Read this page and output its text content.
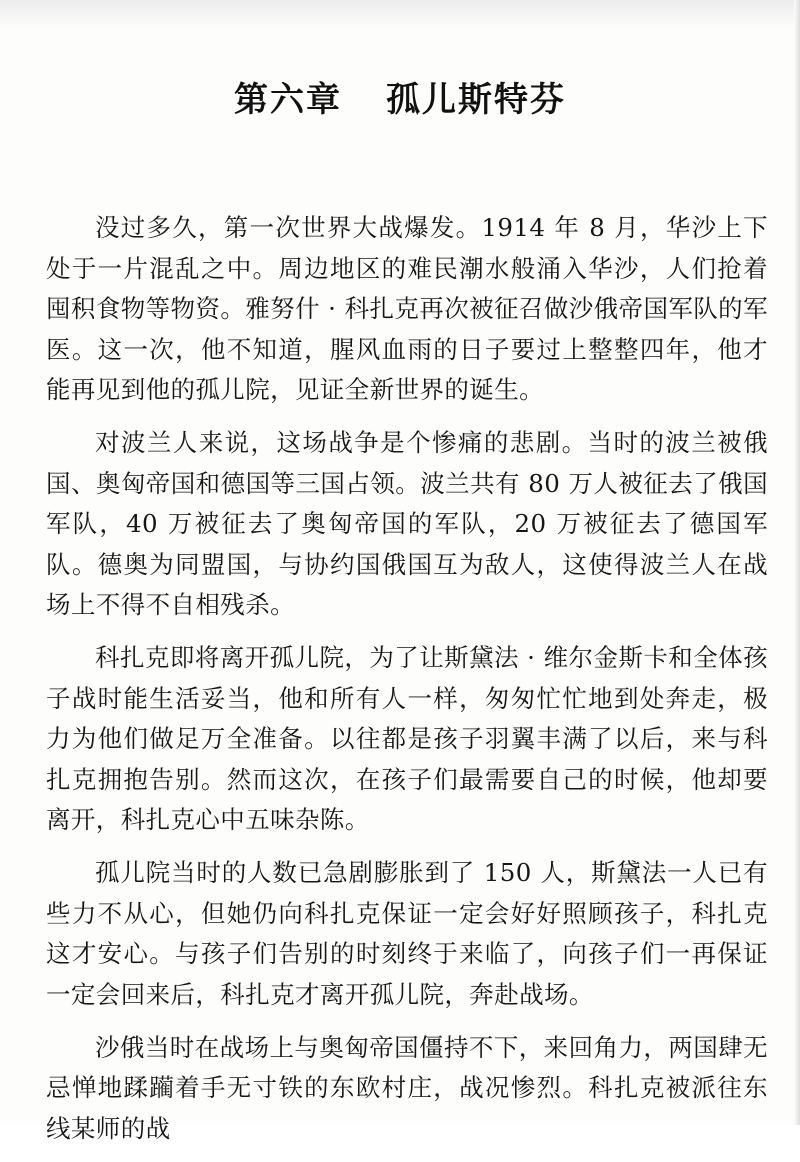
第六章 孤儿斯特芬

没过多久，第一次世界大战爆发。1914 年 8 月，华沙上下处于一片混乱之中。周边地区的难民潮水般涌入华沙，人们抢着囤积食物等物资。雅努什 · 科扎克再次被征召做沙俄帝国军队的军医。这一次，他不知道，腥风血雨的日子要过上整整四年，他才能再见到他的孤儿院，见证全新世界的诞生。

对波兰人来说，这场战争是个惨痛的悲剧。当时的波兰被俄国、奥匈帝国和德国等三国占领。波兰共有 80 万人被征去了俄国军队，40 万被征去了奥匈帝国的军队，20 万被征去了德国军队。德奥为同盟国，与协约国俄国互为敌人，这使得波兰人在战场上不得不自相残杀。

科扎克即将离开孤儿院，为了让斯黛法 · 维尔金斯卡和全体孩子战时能生活妥当，他和所有人一样，匆匆忙忙地到处奔走，极力为他们做足万全准备。以往都是孩子羽翼丰满了以后，来与科扎克拥抱告别。然而这次，在孩子们最需要自己的时候，他却要离开，科扎克心中五味杂陈。

孤儿院当时的人数已急剧膨胀到了 150 人，斯黛法一人已有些力不从心，但她仍向科扎克保证一定会好好照顾孩子，科扎克这才安心。与孩子们告别的时刻终于来临了，向孩子们一再保证一定会回来后，科扎克才离开孤儿院，奔赴战场。

沙俄当时在战场上与奥匈帝国僵持不下，来回角力，两国肆无忌惮地蹂躏着手无寸铁的东欧村庄，战况惨烈。科扎克被派往东线某师的战
